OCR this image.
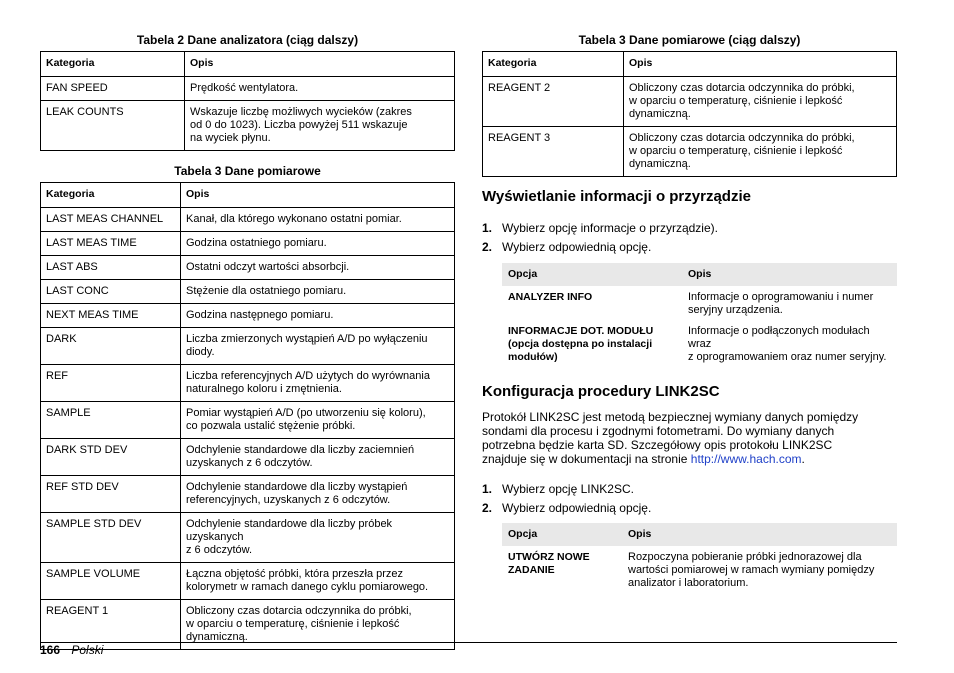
Tabela 2 Dane analizatora (ciąg dalszy)
Kategoria	Opis
FAN SPEED	Prędkość wentylatora.
LEAK COUNTS	Wskazuje liczbę możliwych wycieków (zakres
od 0 do 1023). Liczba powyżej 511 wskazuje
na wyciek płynu.
Tabela 3 Dane pomiarowe
Kategoria	Opis
LAST MEAS CHANNEL	Kanał, dla którego wykonano ostatni pomiar.
LAST MEAS TIME	Godzina ostatniego pomiaru.
LAST ABS	Ostatni odczyt wartości absorbcji.
LAST CONC	Stężenie dla ostatniego pomiaru.
NEXT MEAS TIME	Godzina następnego pomiaru.
DARK	Liczba zmierzonych wystąpień A/D po wyłączeniu
diody.
REF	Liczba referencyjnych A/D użytych do wyrównania
naturalnego koloru i zmętnienia.
SAMPLE	Pomiar wystąpień A/D (po utworzeniu się koloru),
co pozwala ustalić stężenie próbki.
DARK STD DEV	Odchylenie standardowe dla liczby zaciemnień
uzyskanych z 6 odczytów.
REF STD DEV	Odchylenie standardowe dla liczby wystąpień
referencyjnych, uzyskanych z 6 odczytów.
SAMPLE STD DEV	Odchylenie standardowe dla liczby próbek uzyskanych
z 6 odczytów.
SAMPLE VOLUME	Łączna objętość próbki, która przeszła przez
kolorymetr w ramach danego cyklu pomiarowego.
REAGENT 1	Obliczony czas dotarcia odczynnika do próbki,
w oparciu o temperaturę, ciśnienie i lepkość
dynamiczną.
Tabela 3 Dane pomiarowe (ciąg dalszy)
Kategoria	Opis
REAGENT 2	Obliczony czas dotarcia odczynnika do próbki,
w oparciu o temperaturę, ciśnienie i lepkość
dynamiczną.
REAGENT 3	Obliczony czas dotarcia odczynnika do próbki,
w oparciu o temperaturę, ciśnienie i lepkość
dynamiczną.
Wyświetlanie informacji o przyrządzie
1. Wybierz opcję informacje o przyrządzie).
2. Wybierz odpowiednią opcję.
Opcja	Opis
ANALYZER INFO	Informacje o oprogramowaniu i numer
seryjny urządzenia.
INFORMACJE DOT. MODUŁU
(opcja dostępna po instalacji
modułów)	Informacje o podłączonych modułach wraz
z oprogramowaniem oraz numer seryjny.
Konfiguracja procedury LINK2SC

Protokół LINK2SC jest metodą bezpiecznej wymiany danych pomiędzy
sondami dla procesu i zgodnymi fotometrami. Do wymiany danych
potrzebna będzie karta SD. Szczegółowy opis protokołu LINK2SC
znajduje się w dokumentacji na stronie http://www.hach.com.

1. Wybierz opcję LINK2SC.
2. Wybierz odpowiednią opcję.
Opcja	Opis
UTWÓRZ NOWE
ZADANIE	Rozpoczyna pobieranie próbki jednorazowej dla
wartości pomiarowej w ramach wymiany pomiędzy
analizator i laboratorium.
166 Polski
